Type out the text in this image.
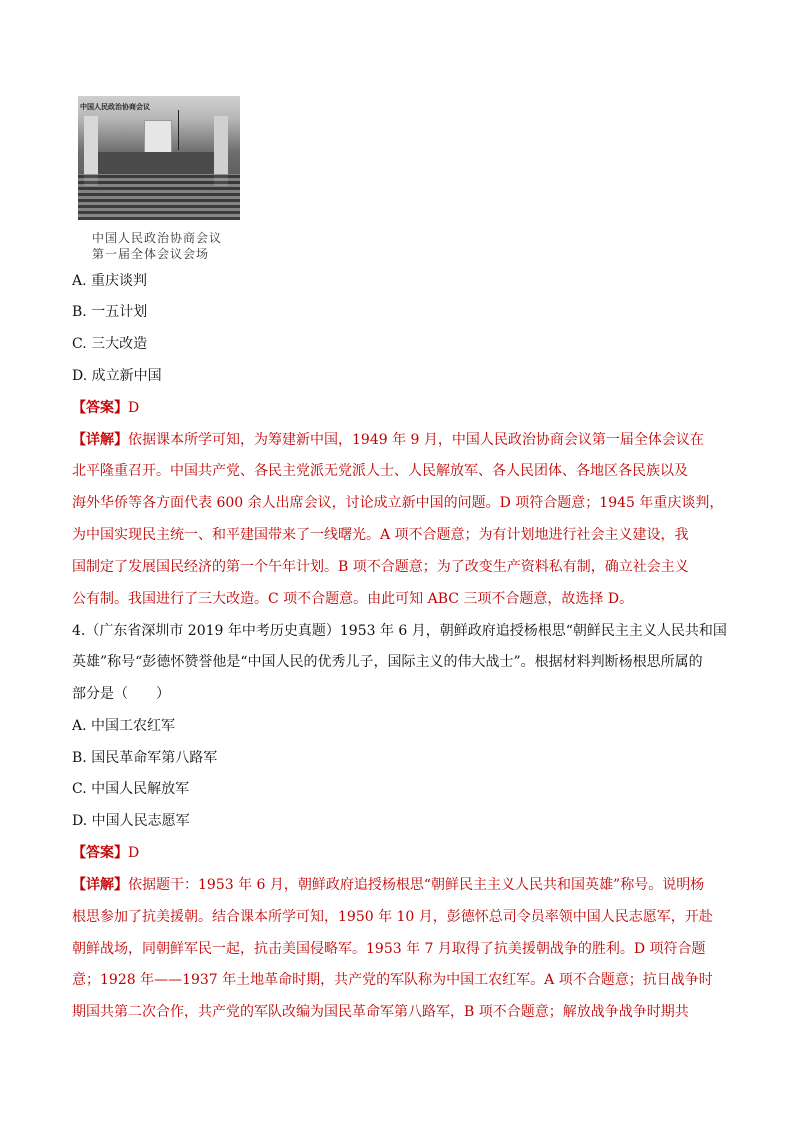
中国人民政治协商会议
中国人民政治协商会议
第一届全体会议会场
A. 重庆谈判
B. 一五计划
C. 三大改造
D. 成立新中国
【答案】D
【详解】依据课本所学可知，为筹建新中国，1949 年 9 月，中国人民政治协商会议第一届全体会议在
北平隆重召开。中国共产党、各民主党派无党派人士、人民解放军、各人民团体、各地区各民族以及
海外华侨等各方面代表 600 余人出席会议，讨论成立新中国的问题。D 项符合题意；1945 年重庆谈判，
为中国实现民主统一、和平建国带来了一线曙光。A 项不合题意；为有计划地进行社会主义建设，我
国制定了发展国民经济的第一个午年计划。B 项不合题意；为了改变生产资料私有制，确立社会主义
公有制。我国进行了三大改造。C 项不合题意。由此可知 ABC 三项不合题意，故选择 D。
4.（广东省深圳市 2019 年中考历史真题）1953 年 6 月，朝鲜政府追授杨根思“朝鲜民主主义人民共和国
英雄”称号“彭德怀赞誉他是“中国人民的优秀儿子，国际主义的伟大战士”。根据材料判断杨根思所属的
部分是（　　）
A. 中国工农红军
B. 国民革命军第八路军
C. 中国人民解放军
D. 中国人民志愿军
【答案】D
【详解】依据题干：1953 年 6 月，朝鲜政府追授杨根思“朝鲜民主主义人民共和国英雄”称号。说明杨
根思参加了抗美援朝。结合课本所学可知，1950 年 10 月，彭德怀总司令员率领中国人民志愿军，开赴
朝鲜战场，同朝鲜军民一起，抗击美国侵略军。1953 年 7 月取得了抗美援朝战争的胜利。D 项符合题
意；1928 年——1937 年土地革命时期，共产党的军队称为中国工农红军。A 项不合题意；抗日战争时
期国共第二次合作，共产党的军队改编为国民革命军第八路军，B 项不合题意；解放战争战争时期共
